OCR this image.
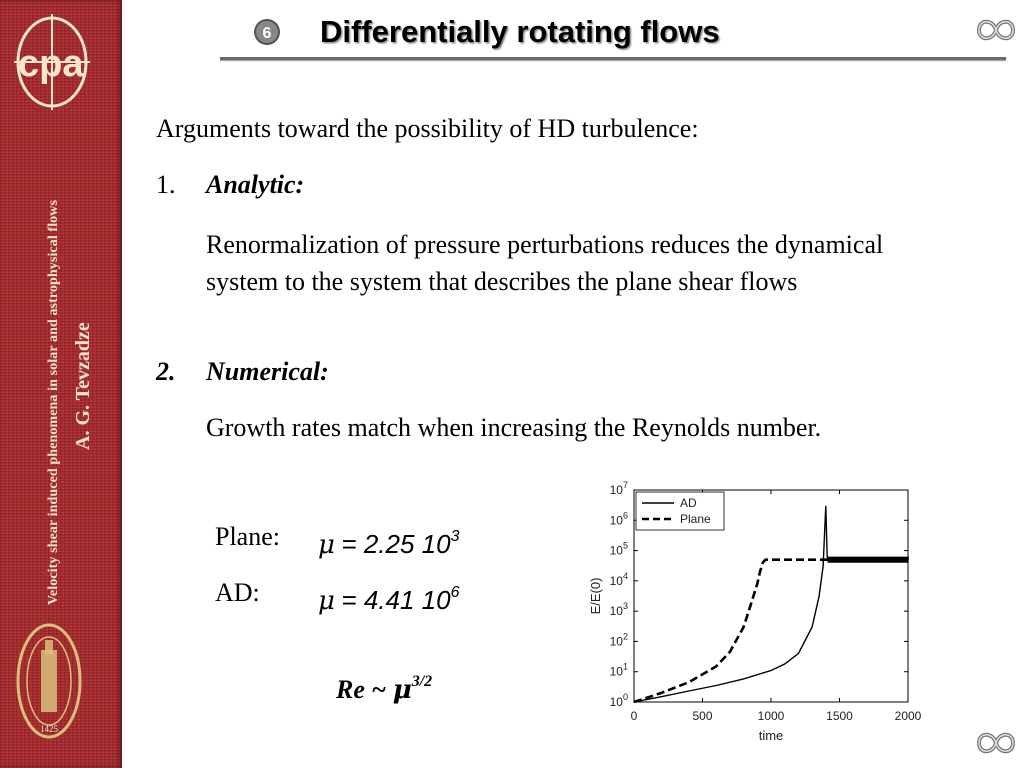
cpa
Velocity shear induced phenomena in solar and astrophysical flows A. G. Tevzadze
1425
6 Differentially rotating flows
Arguments toward the possibility of HD turbulence:
1. Analytic:
Renormalization of pressure perturbations reduces the dynamical system to the system that describes the plane shear flows
2. Numerical:
Growth rates match when increasing the Reynolds number.
Plane: μ = 2.25 $10^3$
AD: μ = 4.41 $10^6$
Re ~ $\mu^{3/2}$
0	500	1000	1500	2000
$10^0$
$10^1$
$10^2$
$10^3$
$10^4$
$10^5$
$10^6$
$10^7$
AD
Plane
time
E/E(0)
